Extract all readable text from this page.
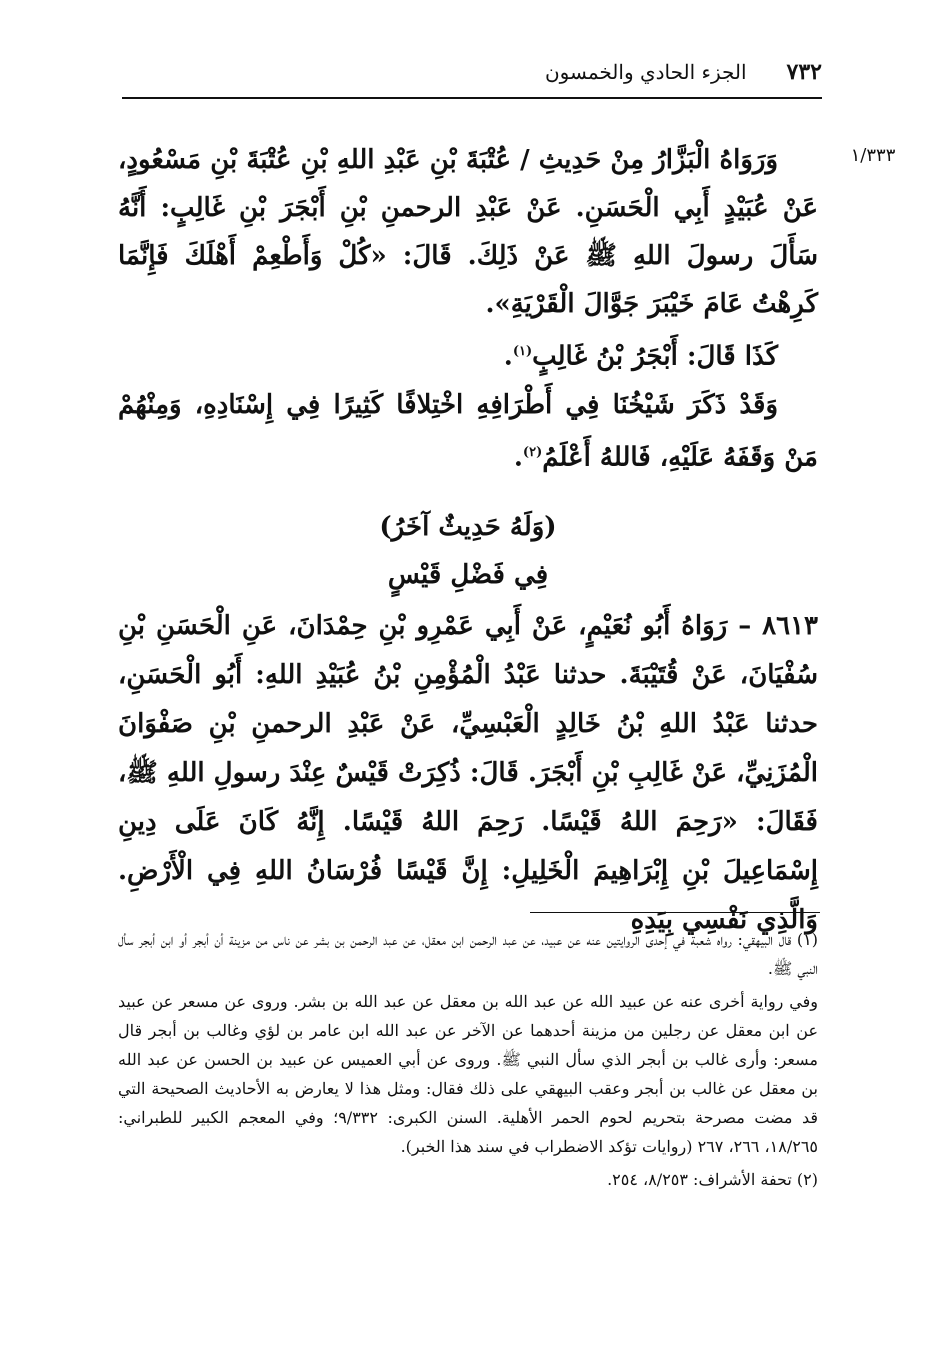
٧٣٢
الجزء الحادي والخمسون
١/٣٣٣

وَرَوَاهُ الْبَزَّارُ مِنْ حَدِيثِ / عُتْبَةَ بْنِ عَبْدِ اللهِ بْنِ عُتْبَةَ بْنِ مَسْعُودٍ، عَنْ عُبَيْدٍ أَبِي الْحَسَنِ. عَنْ عَبْدِ الرحمنِ بْنِ أَبْجَرَ بْنِ غَالِبٍ: أَنَّهُ سَأَلَ رسولَ اللهِ ﷺ عَنْ ذَلِكَ. قَالَ: «كُلْ وَأَطْعِمْ أَهْلَكَ فَإِنَّمَا كَرِهْتُ عَامَ خَيْبَرَ جَوَّالَ الْقَرْيَةِ».

كَذَا قَالَ: أَبْجَرُ بْنُ غَالِبٍ$^{(١)}$.

وَقَدْ ذَكَرَ شَيْخُنَا فِي أَطْرَافِهِ اخْتِلافًا كَثِيرًا فِي إِسْنَادِهِ، وَمِنْهُمْ مَنْ وَقَفَهُ عَلَيْهِ، فَاللهُ أَعْلَمُ$^{(٢)}$.

(وَلَهُ حَدِيثٌ آخَرُ)
فِي فَضْلِ قَيْسٍ

٨٦١٣ – رَوَاهُ أَبُو نُعَيْمٍ، عَنْ أَبِي عَمْرِو بْنِ حِمْدَانَ، عَنِ الْحَسَنِ بْنِ سُفْيَانَ، عَنْ قُتَيْبَةَ. حدثنا عَبْدُ الْمُؤْمِنِ بْنُ عُبَيْدِ اللهِ: أَبُو الْحَسَنِ، حدثنا عَبْدُ اللهِ بْنُ خَالِدٍ الْعَبْسِيِّ، عَنْ عَبْدِ الرحمنِ بْنِ صَفْوَانَ الْمُزَنِيِّ، عَنْ غَالِبِ بْنِ أَبْجَرَ. قَالَ: ذُكِرَتْ قَيْسٌ عِنْدَ رسولِ اللهِ ﷺ، فَقَالَ: «رَحِمَ اللهُ قَيْسًا. رَحِمَ اللهُ قَيْسًا. إِنَّهُ كَانَ عَلَى دِينِ إِسْمَاعِيلَ بْنِ إِبْرَاهِيمَ الْخَلِيلِ: إِنَّ قَيْسًا فُرْسَانُ اللهِ فِي الْأَرْضِ. وَالَّذِي نَفْسِي بِيَدِهِ

(١) قال البيهقي: رواه شعبة في إحدى الروايتين عنه عن عبيد، عن عبد الرحمن ابن معقل، عن عبد الرحمن بن بشر عن ناس من مزينة أن أبجر أو ابن أبجر سأل النبي ﷺ.

وفي رواية أخرى عنه عن عبيد الله عن عبد الله بن معقل عن عبد الله بن بشر. وروى عن مسعر عن عبيد عن ابن معقل عن رجلين من مزينة أحدهما عن الآخر عن عبد الله ابن عامر بن لؤي وغالب بن أبجر قال مسعر: وأرى غالب بن أبجر الذي سأل النبي ﷺ. وروى عن أبي العميس عن عبيد بن الحسن عن عبد الله بن معقل عن غالب بن أبجر وعقب البيهقي على ذلك فقال: ومثل هذا لا يعارض به الأحاديث الصحيحة التي قد مضت مصرحة بتحريم لحوم الحمر الأهلية. السنن الكبرى: ٩/٣٣٢؛ وفي المعجم الكبير للطبراني: ١٨/٢٦٥، ٢٦٦، ٢٦٧ (روايات تؤكد الاضطراب في سند هذا الخبر).

(٢) تحفة الأشراف: ٨/٢٥٣، ٢٥٤.
